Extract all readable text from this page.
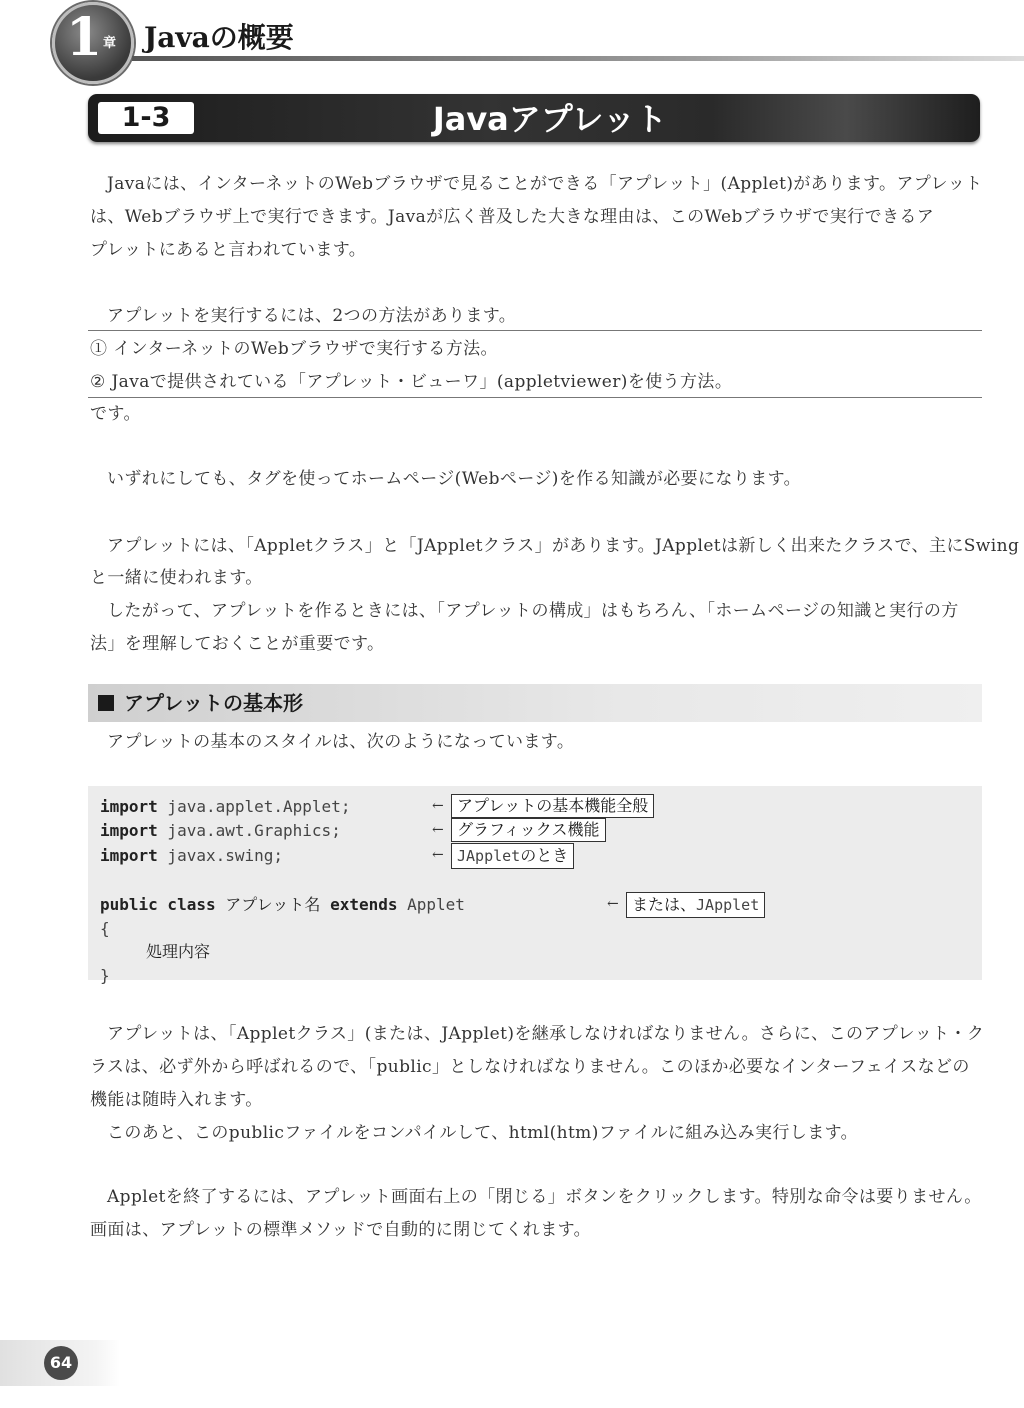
1 章 Javaの概要
1-3	Javaアプレット
Javaには、インターネットのWebブラウザで見ることができる「アプレット」(Applet)があります。アプレット
は、Webブラウザ上で実行できます。Javaが広く普及した大きな理由は、このWebブラウザで実行できるア
プレットにあると言われています。
アプレットを実行するには、2つの方法があります。
① インターネットのWebブラウザで実行する方法。
② Javaで提供されている「アプレット・ビューワ」(appletviewer)を使う方法。
です。
いずれにしても、タグを使ってホームページ(Webページ)を作る知識が必要になります。
アプレットには、「Appletクラス」と「JAppletクラス」があります。JAppletは新しく出来たクラスで、主にSwing
と一緒に使われます。
したがって、アプレットを作るときには、「アプレットの構成」はもちろん、「ホームページの知識と実行の方
法」を理解しておくことが重要です。
アプレットの基本形
アプレットの基本のスタイルは、次のようになっています。
import java.applet.Applet;
import java.awt.Graphics;
import javax.swing;
public class アプレット名 extends Applet
{
処理内容
}
← アプレットの基本機能全般
← グラフィックス機能
← JAppletのとき
← または、JApplet
アプレットは、「Appletクラス」(または、JApplet)を継承しなければなりません。さらに、このアプレット・ク
ラスは、必ず外から呼ばれるので、「public」としなければなりません。このほか必要なインターフェイスなどの
機能は随時入れます。
このあと、このpublicファイルをコンパイルして、html(htm)ファイルに組み込み実行します。
Appletを終了するには、アプレット画面右上の「閉じる」ボタンをクリックします。特別な命令は要りません。
画面は、アプレットの標準メソッドで自動的に閉じてくれます。
64
